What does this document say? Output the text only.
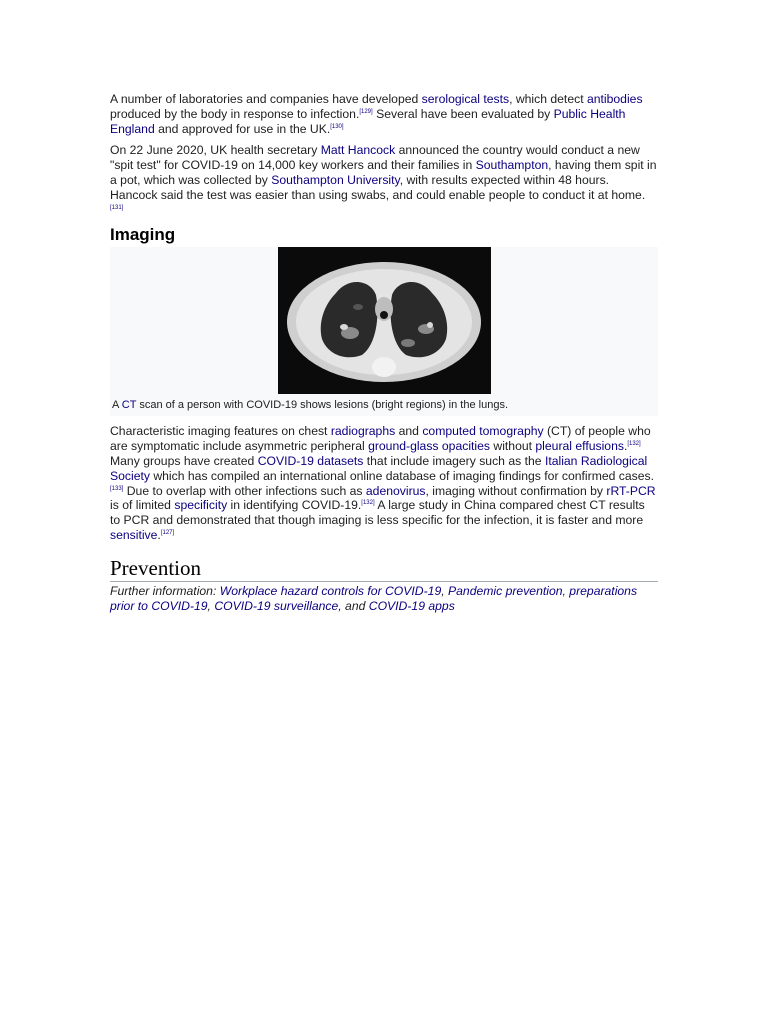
A number of laboratories and companies have developed serological tests, which detect antibodies produced by the body in response to infection.[129] Several have been evaluated by Public Health England and approved for use in the UK.[130]

On 22 June 2020, UK health secretary Matt Hancock announced the country would conduct a new "spit test" for COVID-19 on 14,000 key workers and their families in Southampton, having them spit in a pot, which was collected by Southampton University, with results expected within 48 hours. Hancock said the test was easier than using swabs, and could enable people to conduct it at home.[131]

Imaging
A CT scan of a person with COVID-19 shows lesions (bright regions) in the lungs.

Characteristic imaging features on chest radiographs and computed tomography (CT) of people who are symptomatic include asymmetric peripheral ground-glass opacities without pleural effusions.[132] Many groups have created COVID-19 datasets that include imagery such as the Italian Radiological Society which has compiled an international online database of imaging findings for confirmed cases.[133] Due to overlap with other infections such as adenovirus, imaging without confirmation by rRT-PCR is of limited specificity in identifying COVID-19.[132] A large study in China compared chest CT results to PCR and demonstrated that though imaging is less specific for the infection, it is faster and more sensitive.[127]

Prevention
Further information: Workplace hazard controls for COVID-19, Pandemic prevention, preparations prior to COVID-19, COVID-19 surveillance, and COVID-19 apps
